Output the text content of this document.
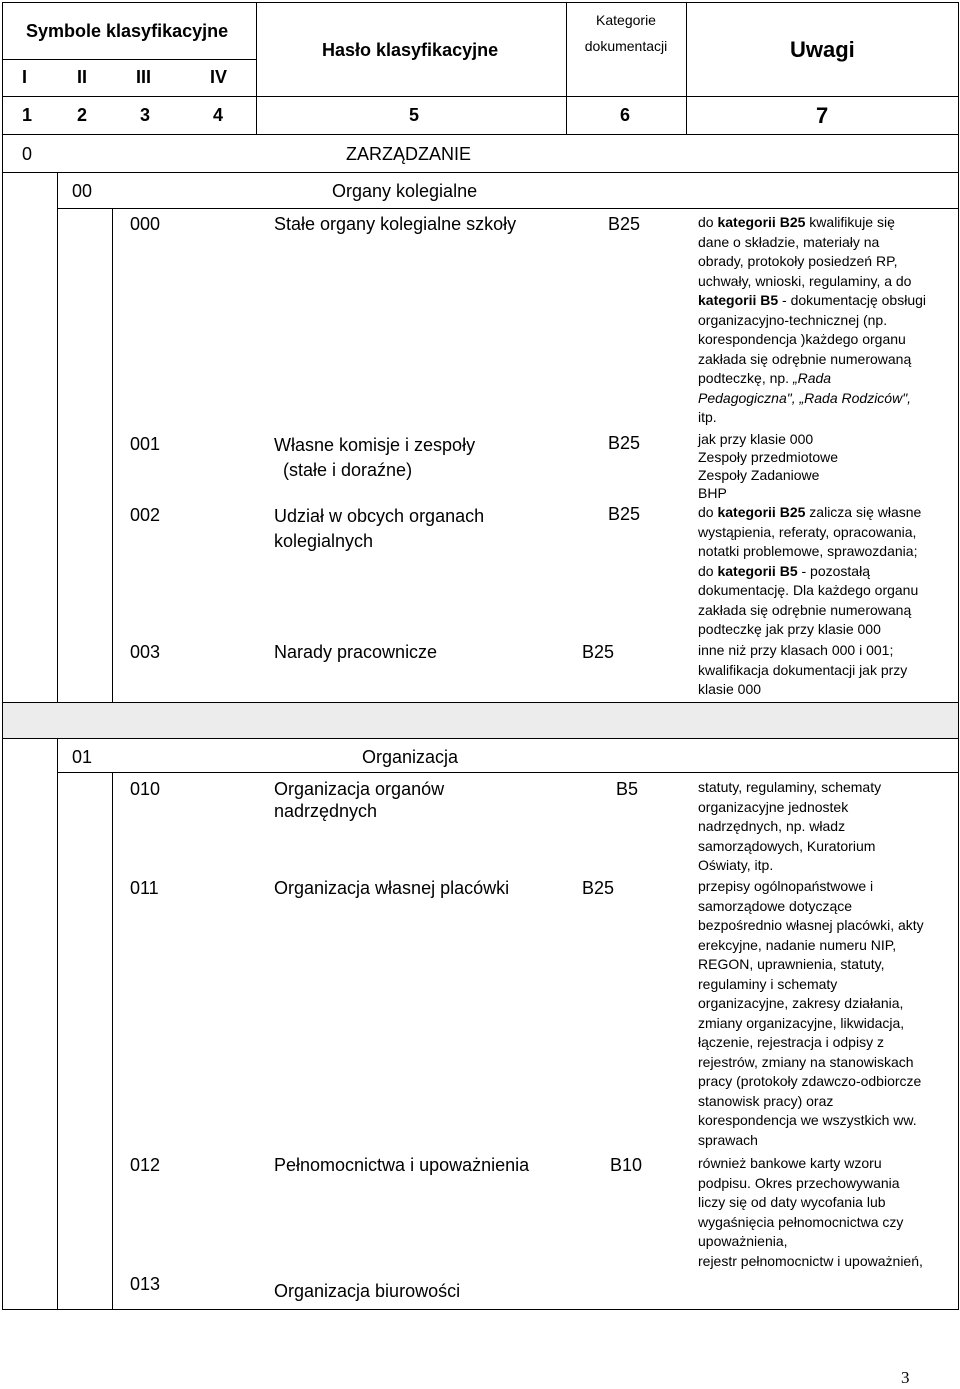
Symbole klasyfikacyjne
I	II	III	IV
Hasło klasyfikacyjne
Kategorie
dokumentacji	Uwagi
1 2	3	4	5	6	7
0	ZARZĄDZANIE
00	Organy kolegialne
000	Stałe organy kolegialne szkoły	B25	do kategorii B25 kwalifikuje się
dane o składzie, materiały na
obrady, protokoły posiedzeń RP,
uchwały, wnioski, regulaminy, a do
kategorii B5 - dokumentację obsługi
organizacyjno-technicznej (np.
korespondencja )każdego organu
zakłada się odrębnie numerowaną
podteczkę, np. „Rada
Pedagogiczna", „Rada Rodziców",
itp.
001	Własne komisje i zespoły
(stałe i doraźne)
B25	jak przy klasie 000
Zespoły przedmiotowe
Zespoły Zadaniowe
BHP
002	Udział w obcych organach
kolegialnych
B25	do kategorii B25 zalicza się własne
wystąpienia, referaty, opracowania,
notatki problemowe, sprawozdania;
do kategorii B5 - pozostałą
dokumentację. Dla każdego organu
zakłada się odrębnie numerowaną
podteczkę jak przy klasie 000
003	Narady pracownicze	B25	inne niż przy klasach 000 i 001;
kwalifikacja dokumentacji jak przy
klasie 000
01	Organizacja
010	Organizacja organów
nadrzędnych
B5	statuty, regulaminy, schematy
organizacyjne jednostek
nadrzędnych, np. władz
samorządowych, Kuratorium
Oświaty, itp.
011	Organizacja własnej placówki	B25	przepisy ogólnopaństwowe i
samorządowe dotyczące
bezpośrednio własnej placówki, akty
erekcyjne, nadanie numeru NIP,
REGON, uprawnienia, statuty,
regulaminy i schematy
organizacyjne, zakresy działania,
zmiany organizacyjne, likwidacja,
łączenie, rejestracja i odpisy z
rejestrów, zmiany na stanowiskach
pracy (protokoły zdawczo-odbiorcze
stanowisk pracy) oraz
korespondencja we wszystkich ww.
sprawach
012	Pełnomocnictwa i upoważnienia	B10	również bankowe karty wzoru
podpisu. Okres przechowywania
liczy się od daty wycofania lub
wygaśnięcia pełnomocnictwa czy
upoważnienia,
rejestr pełnomocnictw i upoważnień,
013	Organizacja biurowości
3
